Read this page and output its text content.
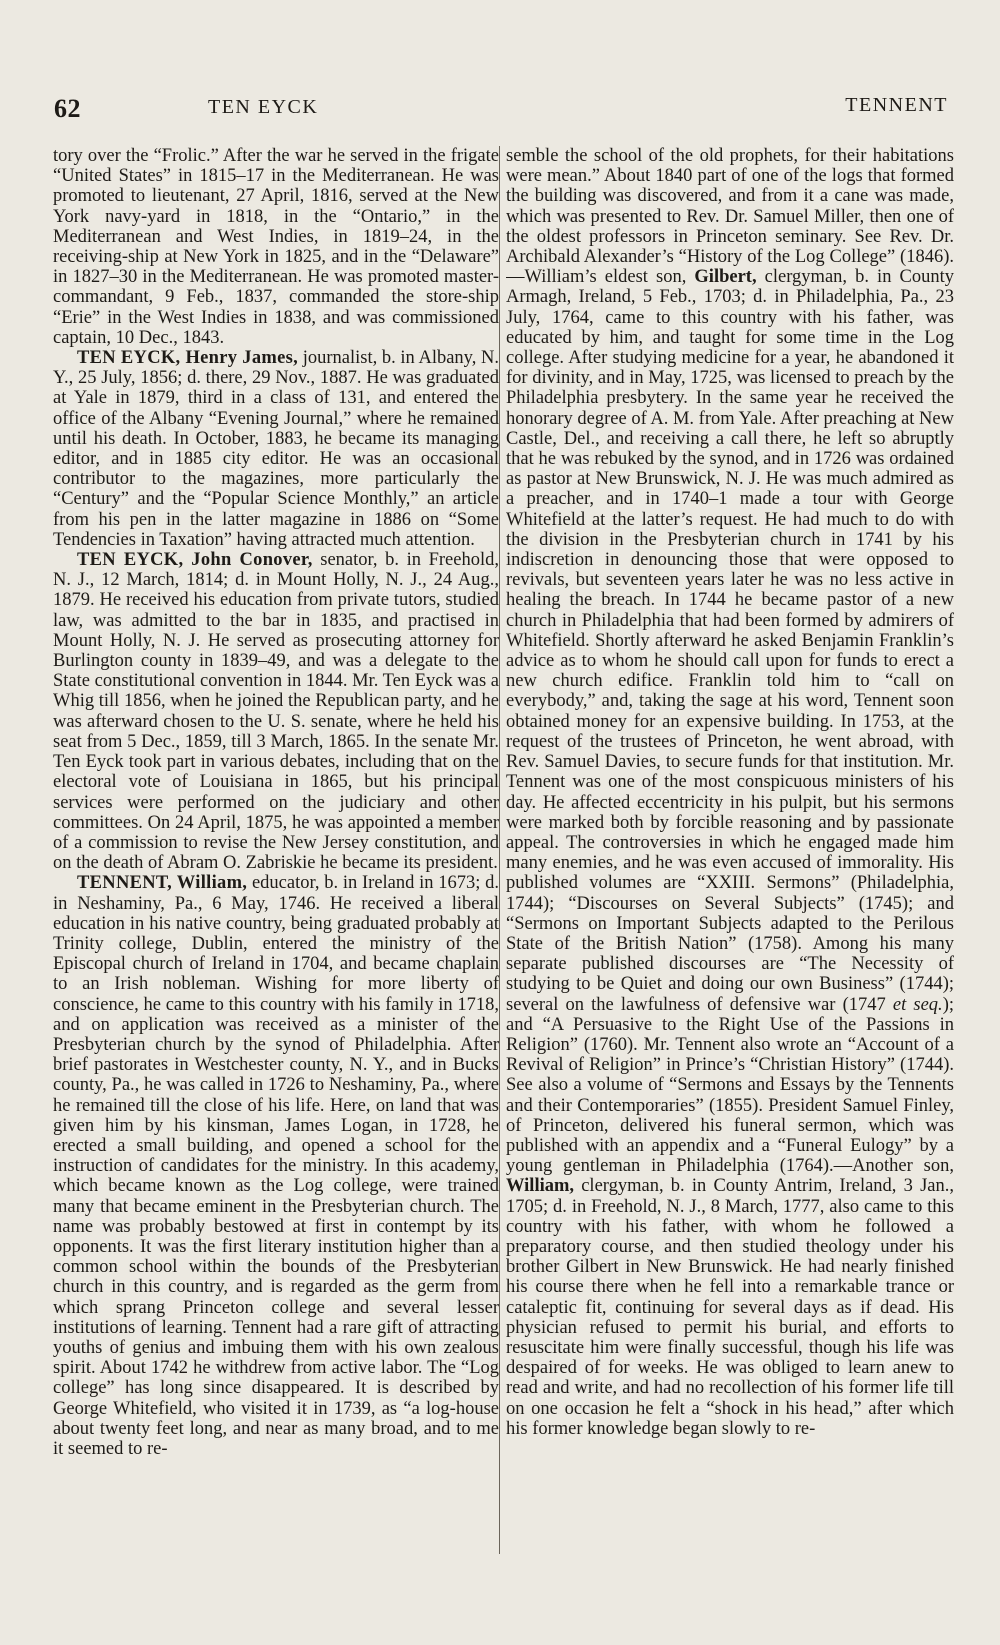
62	TEN EYCK	TENNENT

tory over the “Frolic.” After the war he served in the frigate “United States” in 1815–17 in the Mediterranean. He was promoted to lieutenant, 27 April, 1816, served at the New York navy-yard in 1818, in the “Ontario,” in the Mediterranean and West Indies, in 1819–24, in the receiving-ship at New York in 1825, and in the “Delaware” in 1827–30 in the Mediterranean. He was promoted master-commandant, 9 Feb., 1837, commanded the store-ship “Erie” in the West Indies in 1838, and was commissioned captain, 10 Dec., 1843.

TEN EYCK, Henry James, journalist, b. in Albany, N. Y., 25 July, 1856; d. there, 29 Nov., 1887. He was graduated at Yale in 1879, third in a class of 131, and entered the office of the Albany “Evening Journal,” where he remained until his death. In October, 1883, he became its managing editor, and in 1885 city editor. He was an occasional contributor to the magazines, more particularly the “Century” and the “Popular Science Monthly,” an article from his pen in the latter magazine in 1886 on “Some Tendencies in Taxation” having attracted much attention.

TEN EYCK, John Conover, senator, b. in Freehold, N. J., 12 March, 1814; d. in Mount Holly, N. J., 24 Aug., 1879. He received his education from private tutors, studied law, was admitted to the bar in 1835, and practised in Mount Holly, N. J. He served as prosecuting attorney for Burlington county in 1839–49, and was a delegate to the State constitutional convention in 1844. Mr. Ten Eyck was a Whig till 1856, when he joined the Republican party, and he was afterward chosen to the U. S. senate, where he held his seat from 5 Dec., 1859, till 3 March, 1865. In the senate Mr. Ten Eyck took part in various debates, including that on the electoral vote of Louisiana in 1865, but his principal services were performed on the judiciary and other committees. On 24 April, 1875, he was appointed a member of a commission to revise the New Jersey constitution, and on the death of Abram O. Zabriskie he became its president.

TENNENT, William, educator, b. in Ireland in 1673; d. in Neshaminy, Pa., 6 May, 1746. He received a liberal education in his native country, being graduated probably at Trinity college, Dublin, entered the ministry of the Episcopal church of Ireland in 1704, and became chaplain to an Irish nobleman. Wishing for more liberty of conscience, he came to this country with his family in 1718, and on application was received as a minister of the Presbyterian church by the synod of Philadelphia. After brief pastorates in Westchester county, N. Y., and in Bucks county, Pa., he was called in 1726 to Neshaminy, Pa., where he remained till the close of his life. Here, on land that was given him by his kinsman, James Logan, in 1728, he erected a small building, and opened a school for the instruction of candidates for the ministry. In this academy, which became known as the Log college, were trained many that became eminent in the Presbyterian church. The name was probably bestowed at first in contempt by its opponents. It was the first literary institution higher than a common school within the bounds of the Presbyterian church in this country, and is regarded as the germ from which sprang Princeton college and several lesser institutions of learning. Tennent had a rare gift of attracting youths of genius and imbuing them with his own zealous spirit. About 1742 he withdrew from active labor. The “Log college” has long since disappeared. It is described by George Whitefield, who visited it in 1739, as “a log-house about twenty feet long, and near as many broad, and to me it seemed to re-

semble the school of the old prophets, for their habitations were mean.” About 1840 part of one of the logs that formed the building was discovered, and from it a cane was made, which was presented to Rev. Dr. Samuel Miller, then one of the oldest professors in Princeton seminary. See Rev. Dr. Archibald Alexander’s “History of the Log College” (1846).—William’s eldest son, Gilbert, clergyman, b. in County Armagh, Ireland, 5 Feb., 1703; d. in Philadelphia, Pa., 23 July, 1764, came to this country with his father, was educated by him, and taught for some time in the Log college. After studying medicine for a year, he abandoned it for divinity, and in May, 1725, was licensed to preach by the Philadelphia presbytery. In the same year he received the honorary degree of A. M. from Yale. After preaching at New Castle, Del., and receiving a call there, he left so abruptly that he was rebuked by the synod, and in 1726 was ordained as pastor at New Brunswick, N. J. He was much admired as a preacher, and in 1740–1 made a tour with George Whitefield at the latter’s request. He had much to do with the division in the Presbyterian church in 1741 by his indiscretion in denouncing those that were opposed to revivals, but seventeen years later he was no less active in healing the breach. In 1744 he became pastor of a new church in Philadelphia that had been formed by admirers of Whitefield. Shortly afterward he asked Benjamin Franklin’s advice as to whom he should call upon for funds to erect a new church edifice. Franklin told him to “call on everybody,” and, taking the sage at his word, Tennent soon obtained money for an expensive building. In 1753, at the request of the trustees of Princeton, he went abroad, with Rev. Samuel Davies, to secure funds for that institution. Mr. Tennent was one of the most conspicuous ministers of his day. He affected eccentricity in his pulpit, but his sermons were marked both by forcible reasoning and by passionate appeal. The controversies in which he engaged made him many enemies, and he was even accused of immorality. His published volumes are “XXIII. Sermons” (Philadelphia, 1744); “Discourses on Several Subjects” (1745); and “Sermons on Important Subjects adapted to the Perilous State of the British Nation” (1758). Among his many separate published discourses are “The Necessity of studying to be Quiet and doing our own Business” (1744); several on the lawfulness of defensive war (1747 et seq.); and “A Persuasive to the Right Use of the Passions in Religion” (1760). Mr. Tennent also wrote an “Account of a Revival of Religion” in Prince’s “Christian History” (1744). See also a volume of “Sermons and Essays by the Tennents and their Contemporaries” (1855). President Samuel Finley, of Princeton, delivered his funeral sermon, which was published with an appendix and a “Funeral Eulogy” by a young gentleman in Philadelphia (1764).—Another son, William, clergyman, b. in County Antrim, Ireland, 3 Jan., 1705; d. in Freehold, N. J., 8 March, 1777, also came to this country with his father, with whom he followed a preparatory course, and then studied theology under his brother Gilbert in New Brunswick. He had nearly finished his course there when he fell into a remarkable trance or cataleptic fit, continuing for several days as if dead. His physician refused to permit his burial, and efforts to resuscitate him were finally successful, though his life was despaired of for weeks. He was obliged to learn anew to read and write, and had no recollection of his former life till on one occasion he felt a “shock in his head,” after which his former knowledge began slowly to re-
